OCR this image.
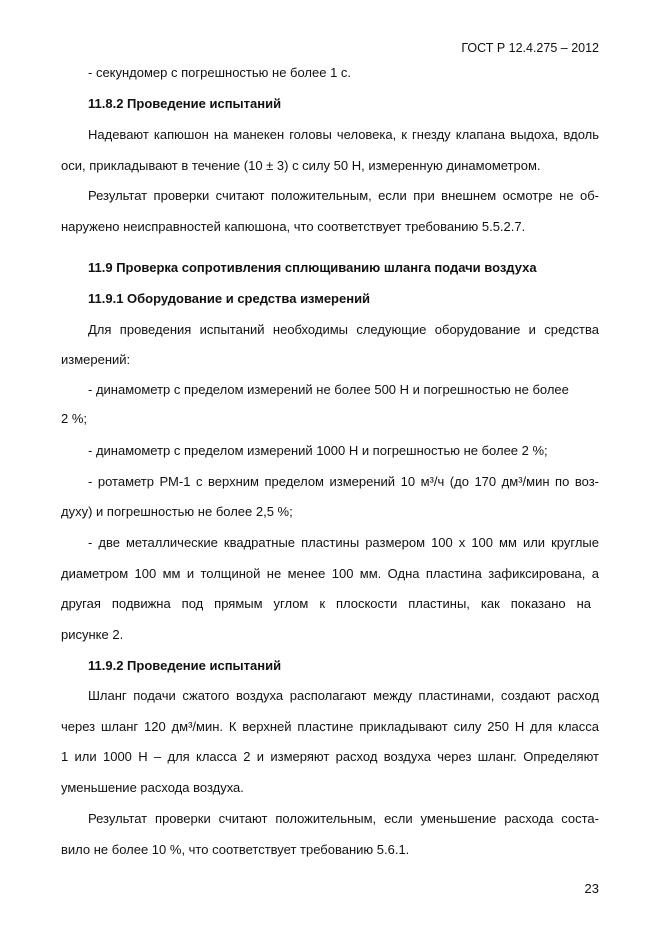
ГОСТ Р 12.4.275 – 2012

- секундомер с погрешностью не более 1 с.

11.8.2 Проведение испытаний

Надевают капюшон на манекен головы человека, к гнезду клапана выдоха, вдоль

оси, прикладывают в течение (10 ± 3) с силу 50 Н, измеренную динамометром.

Результат проверки считают положительным, если при внешнем осмотре не об-

наружено неисправностей капюшона, что соответствует требованию 5.5.2.7.

11.9 Проверка сопротивления сплющиванию шланга подачи воздуха

11.9.1 Оборудование и средства измерений

Для проведения испытаний необходимы следующие оборудование и средства

измерений:

- динамометр с пределом измерений не более 500 Н и погрешностью не более

2 %;

- динамометр с пределом измерений 1000 Н и погрешностью не более 2 %;

- ротаметр РМ-1 с верхним пределом измерений 10 м³/ч (до 170 дм³/мин по воз-

духу) и погрешностью не более 2,5 %;

- две металлические квадратные пластины размером 100 х 100 мм или круглые

диаметром 100 мм и толщиной не менее 100 мм. Одна пластина зафиксирована, а

другая подвижна под прямым углом к плоскости пластины, как показано на

рисунке 2.

11.9.2 Проведение испытаний

Шланг подачи сжатого воздуха располагают между пластинами, создают расход

через шланг 120 дм³/мин. К верхней пластине прикладывают силу 250 Н для класса

1 или 1000 Н – для класса 2 и измеряют расход воздуха через шланг. Определяют

уменьшение расхода воздуха.

Результат проверки считают положительным, если уменьшение расхода соста-

вило не более 10 %, что соответствует требованию 5.6.1.

23
